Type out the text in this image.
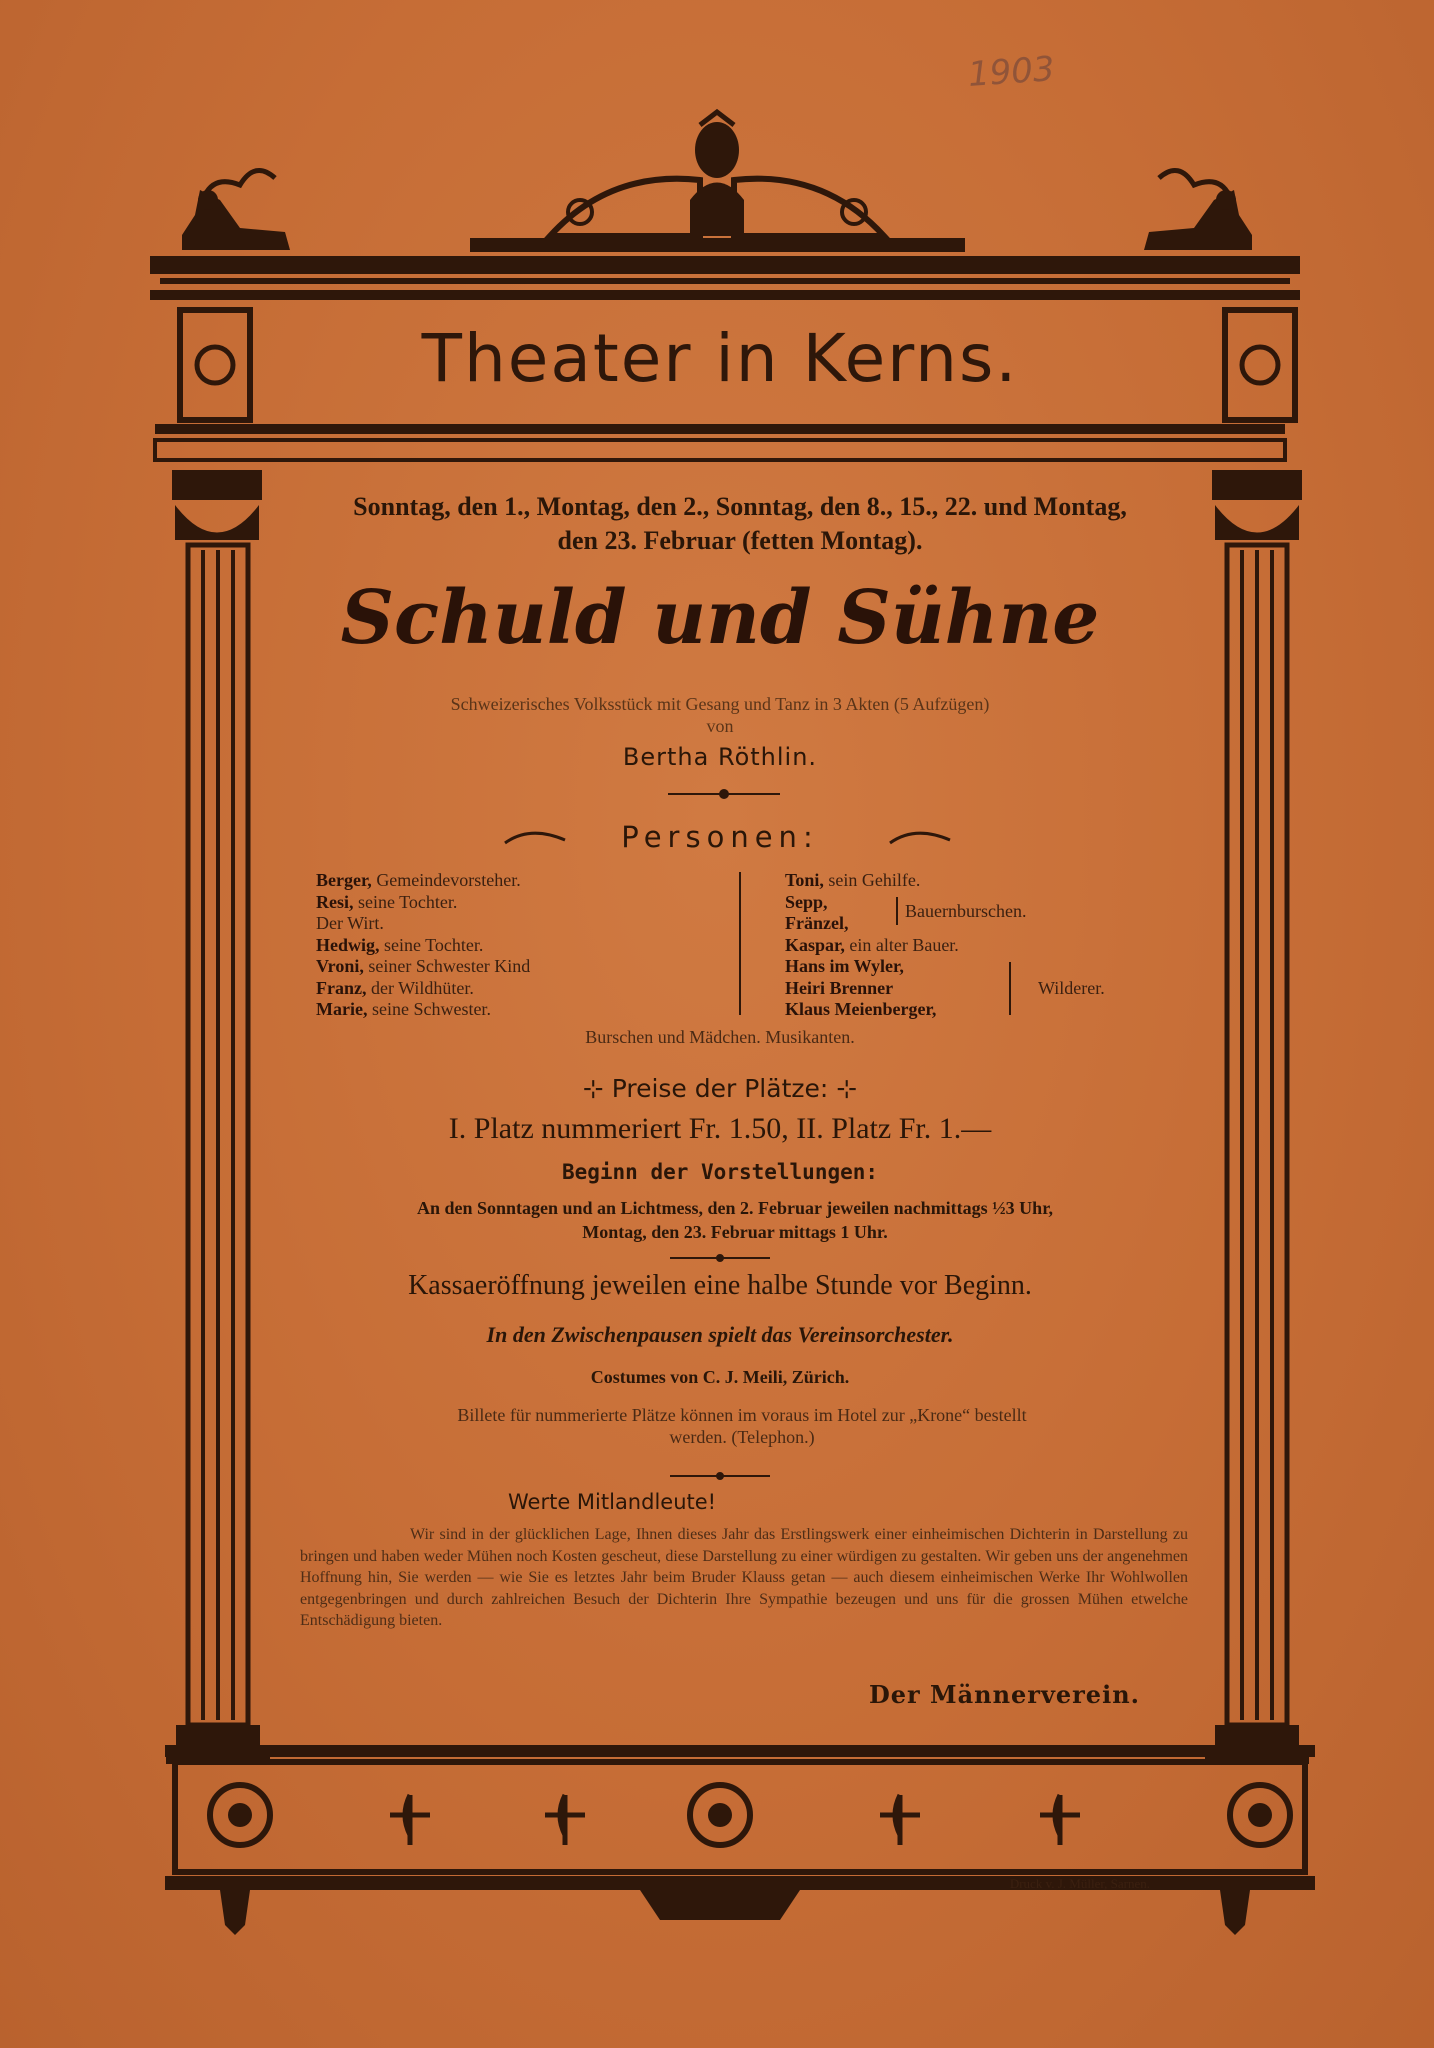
1903
Theater in Kerns.
Sonntag, den 1., Montag, den 2., Sonntag, den 8., 15., 22. und Montag,
den 23. Februar (fetten Montag).
Schuld und Sühne
Schweizerisches Volksstück mit Gesang und Tanz in 3 Akten (5 Aufzügen)
von
Bertha Röthlin.
Personen:
Berger, Gemeindevorsteher.
Resi, seine Tochter.
Der Wirt.
Hedwig, seine Tochter.
Vroni, seiner Schwester Kind
Franz, der Wildhüter.
Marie, seine Schwester.
Toni, sein Gehilfe.
Sepp,
Fränzel,
Kaspar, ein alter Bauer.
Hans im Wyler,
Heiri Brenner
Klaus Meienberger,
Bauernburschen.
Wilderer.
Burschen und Mädchen. Musikanten.
⊹ Preise der Plätze: ⊹
I. Platz nummeriert Fr. 1.50, II. Platz Fr. 1.—
Beginn der Vorstellungen:
An den Sonntagen und an Lichtmess, den 2. Februar jeweilen nachmittags ½3 Uhr,
Montag, den 23. Februar mittags 1 Uhr.
Kassaeröffnung jeweilen eine halbe Stunde vor Beginn.
In den Zwischenpausen spielt das Vereinsorchester.
Costumes von C. J. Meili, Zürich.
Billete für nummerierte Plätze können im voraus im Hotel zur „Krone“ bestellt
werden. (Telephon.)
Werte Mitlandleute!
Wir sind in der glücklichen Lage, Ihnen dieses Jahr das Erstlingswerk einer einheimischen Dichterin in Darstellung zu bringen und haben weder Mühen noch Kosten gescheut, diese Darstellung zu einer würdigen zu gestalten. Wir geben uns der angenehmen Hoffnung hin, Sie werden — wie Sie es letztes Jahr beim Bruder Klauss getan — auch diesem einheimischen Werke Ihr Wohlwollen entgegenbringen und durch zahlreichen Besuch der Dichterin Ihre Sympathie bezeugen und uns für die grossen Mühen etwelche Entschädigung bieten.
Der Männerverein.
Druck v. J. Müller, Sarnen.
